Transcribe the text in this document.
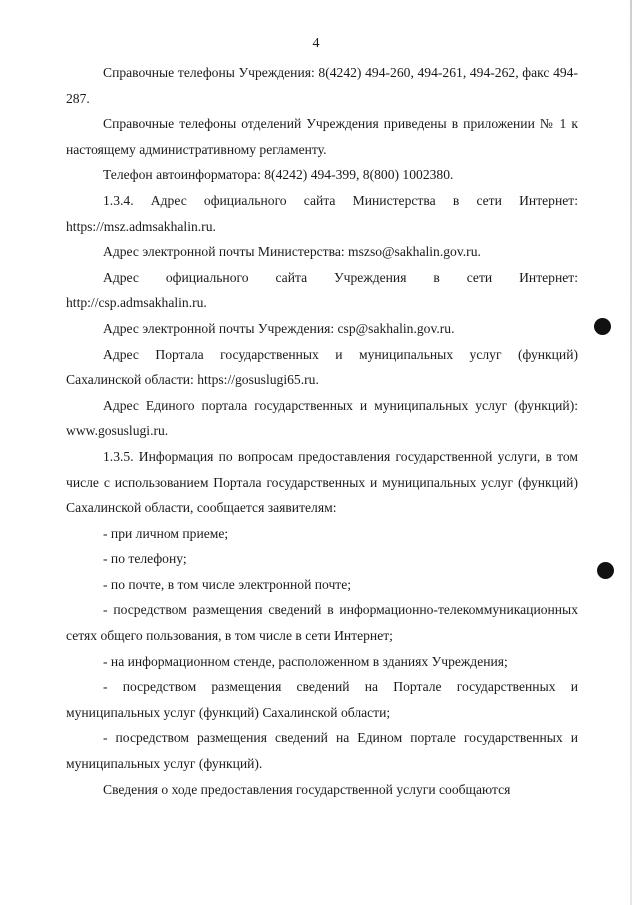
4

Справочные телефоны Учреждения: 8(4242) 494-260, 494-261, 494-262, факс 494-287.

Справочные телефоны отделений Учреждения приведены в приложении № 1 к настоящему административному регламенту.

Телефон автоинформатора: 8(4242) 494-399, 8(800) 1002380.

1.3.4. Адрес официального сайта Министерства в сети Интернет: https://msz.admsakhalin.ru.

Адрес электронной почты Министерства: mszso@sakhalin.gov.ru.

Адрес официального сайта Учреждения в сети Интернет: http://csp.admsakhalin.ru.

Адрес электронной почты Учреждения: csp@sakhalin.gov.ru.

Адрес Портала государственных и муниципальных услуг (функций) Сахалинской области: https://gosuslugi65.ru.

Адрес Единого портала государственных и муниципальных услуг (функций): www.gosuslugi.ru.

1.3.5. Информация по вопросам предоставления государственной услуги, в том числе с использованием Портала государственных и муниципальных услуг (функций) Сахалинской области, сообщается заявителям:

- при личном приеме;

- по телефону;

- по почте, в том числе электронной почте;

- посредством размещения сведений в информационно-телекоммуникационных сетях общего пользования, в том числе в сети Интернет;

- на информационном стенде, расположенном в зданиях Учреждения;

- посредством размещения сведений на Портале государственных и муниципальных услуг (функций) Сахалинской области;

- посредством размещения сведений на Едином портале государственных и муниципальных услуг (функций).

Сведения о ходе предоставления государственной услуги сообщаются
